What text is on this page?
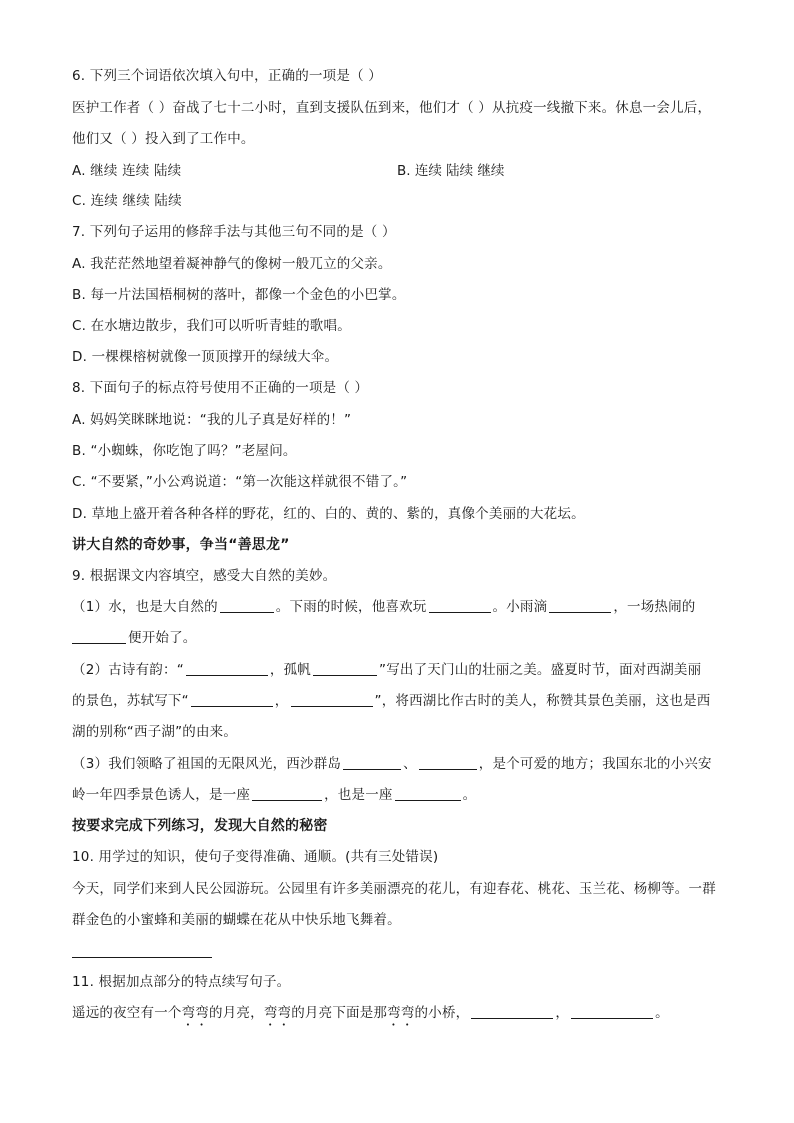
6. 下列三个词语依次填入句中，正确的一项是（ ）
医护工作者（ ）奋战了七十二小时，直到支援队伍到来，他们才（ ）从抗疫一线撤下来。休息一会儿后，他们又（ ）投入到了工作中。
A. 继续 连续 陆续	B. 连续 陆续 继续
C. 连续 继续 陆续
7. 下列句子运用的修辞手法与其他三句不同的是（ ）
A. 我茫茫然地望着凝神静气的像树一般兀立的父亲。
B. 每一片法国梧桐树的落叶，都像一个金色的小巴掌。
C. 在水塘边散步，我们可以听听青蛙的歌唱。
D. 一棵棵榕树就像一顶顶撑开的绿绒大伞。
8. 下面句子的标点符号使用不正确的一项是（ ）
A. 妈妈笑眯眯地说：“我的儿子真是好样的！”
B. “小蜘蛛，你吃饱了吗？”老屋问。
C. “不要紧，”小公鸡说道：“第一次能这样就很不错了。”
D. 草地上盛开着各种各样的野花，红的、白的、黄的、紫的，真像个美丽的大花坛。
讲大自然的奇妙事，争当“善思龙”
9. 根据课文内容填空，感受大自然的美妙。
（1）水，也是大自然的	。下雨的时候，他喜欢玩	。小雨滴	，一场热闹的
便开始了。
（2）古诗有韵：“	，孤帆	”写出了天门山的壮丽之美。盛夏时节，面对西湖美丽
的景色，苏轼写下“	，	”，将西湖比作古时的美人，称赞其景色美丽，这也是西
湖的别称“西子湖”的由来。
（3）我们领略了祖国的无限风光，西沙群岛	、	，是个可爱的地方；我国东北的小兴安
岭一年四季景色诱人，是一座	，也是一座	。
按要求完成下列练习，发现大自然的秘密
10. 用学过的知识，使句子变得准确、通顺。(共有三处错误)
今天，同学们来到人民公园游玩。公园里有许多美丽漂亮的花儿，有迎春花、桃花、玉兰花、杨柳等。一群群金色的小蜜蜂和美丽的蝴蝶在花从中快乐地飞舞着。
11. 根据加点部分的特点续写句子。
遥远的夜空有一个弯弯的月亮，弯弯的月亮下面是那弯弯的小桥，	，	。
